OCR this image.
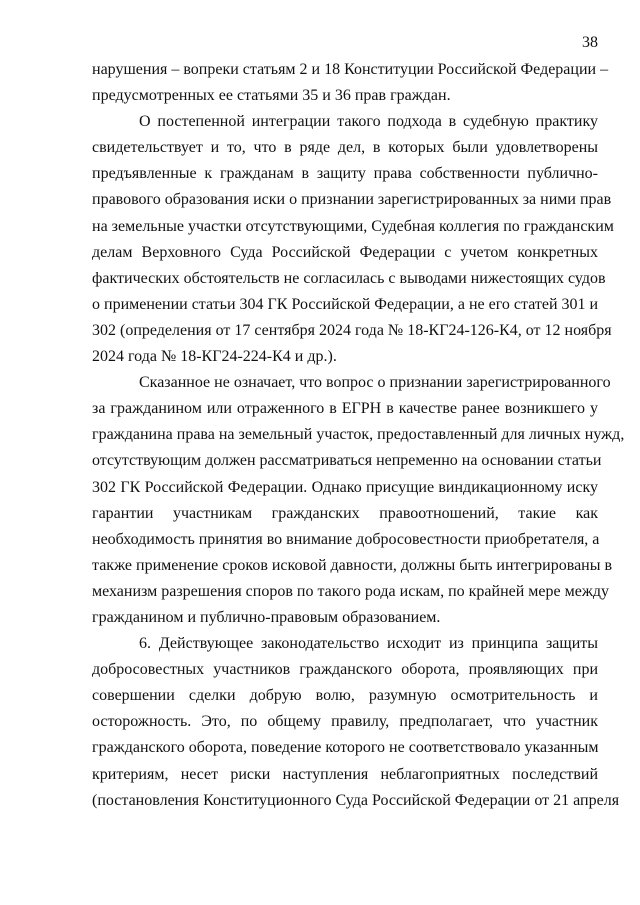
38
нарушения – вопреки статьям 2 и 18 Конституции Российской Федерации –
предусмотренных ее статьями 35 и 36 прав граждан.
О постепенной интеграции такого подхода в судебную практику
свидетельствует и то, что в ряде дел, в которых были удовлетворены
предъявленные к гражданам в защиту права собственности публично-
правового образования иски о признании зарегистрированных за ними прав
на земельные участки отсутствующими, Судебная коллегия по гражданским
делам Верховного Суда Российской Федерации с учетом конкретных
фактических обстоятельств не согласилась с выводами нижестоящих судов
о применении статьи 304 ГК Российской Федерации, а не его статей 301 и
302 (определения от 17 сентября 2024 года № 18-КГ24-126-К4, от 12 ноября
2024 года № 18-КГ24-224-К4 и др.).
Сказанное не означает, что вопрос о признании зарегистрированного
за гражданином или отраженного в ЕГРН в качестве ранее возникшего у
гражданина права на земельный участок, предоставленный для личных нужд,
отсутствующим должен рассматриваться непременно на основании статьи
302 ГК Российской Федерации. Однако присущие виндикационному иску
гарантии участникам гражданских правоотношений, такие как
необходимость принятия во внимание добросовестности приобретателя, а
также применение сроков исковой давности, должны быть интегрированы в
механизм разрешения споров по такого рода искам, по крайней мере между
гражданином и публично-правовым образованием.
6. Действующее законодательство исходит из принципа защиты
добросовестных участников гражданского оборота, проявляющих при
совершении сделки добрую волю, разумную осмотрительность и
осторожность. Это, по общему правилу, предполагает, что участник
гражданского оборота, поведение которого не соответствовало указанным
критериям, несет риски наступления неблагоприятных последствий
(постановления Конституционного Суда Российской Федерации от 21 апреля
